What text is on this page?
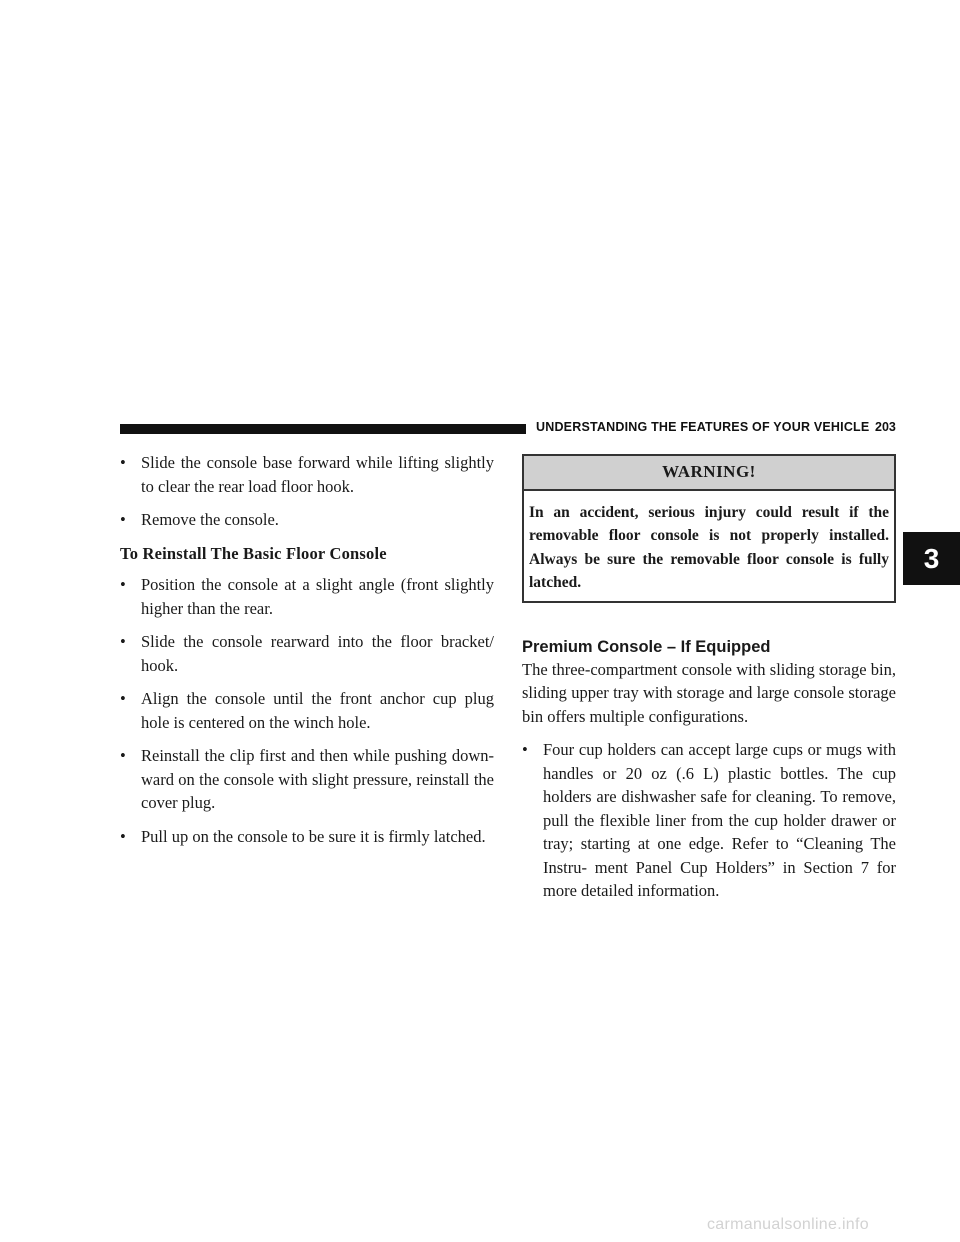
UNDERSTANDING THE FEATURES OF YOUR VEHICLE 203
3
• Slide the console base forward while lifting slightly to clear the rear load floor hook.
• Remove the console.
To Reinstall The Basic Floor Console
• Position the console at a slight angle (front slightly higher than the rear.
• Slide the console rearward into the floor bracket/ hook.
• Align the console until the front anchor cup plug hole is centered on the winch hole.
• Reinstall the clip first and then while pushing down- ward on the console with slight pressure, reinstall the cover plug.
• Pull up on the console to be sure it is firmly latched.
WARNING!
In an accident, serious injury could result if the removable floor console is not properly installed. Always be sure the removable floor console is fully latched.
Premium Console – If Equipped
The three-compartment console with sliding storage bin, sliding upper tray with storage and large console storage bin offers multiple configurations.
• Four cup holders can accept large cups or mugs with handles or 20 oz (.6 L) plastic bottles. The cup holders are dishwasher safe for cleaning. To remove, pull the flexible liner from the cup holder drawer or tray; starting at one edge. Refer to “Cleaning The Instru- ment Panel Cup Holders” in Section 7 for more detailed information.
carmanualsonline.info
